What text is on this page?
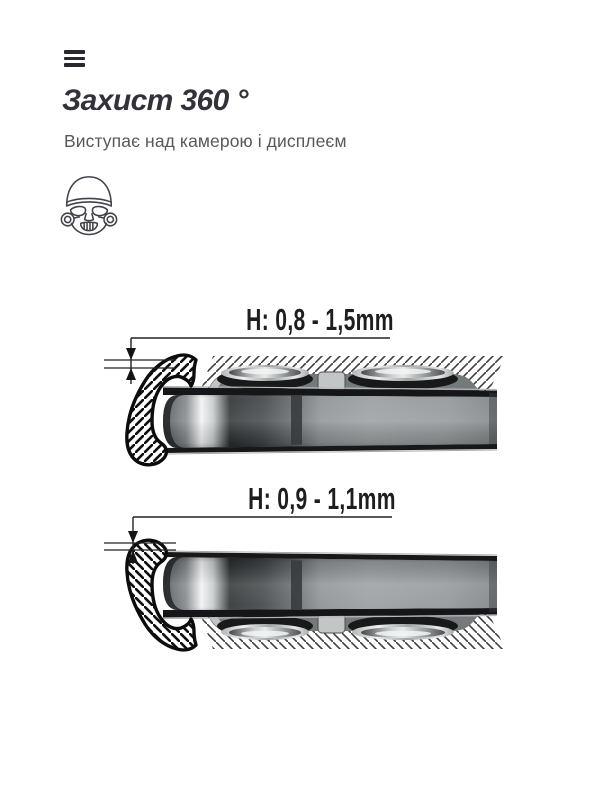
Захист 360 °

Виступає над камерою і дисплеєм

H: 0,8 - 1,5mm
H: 0,9 - 1,1mm
